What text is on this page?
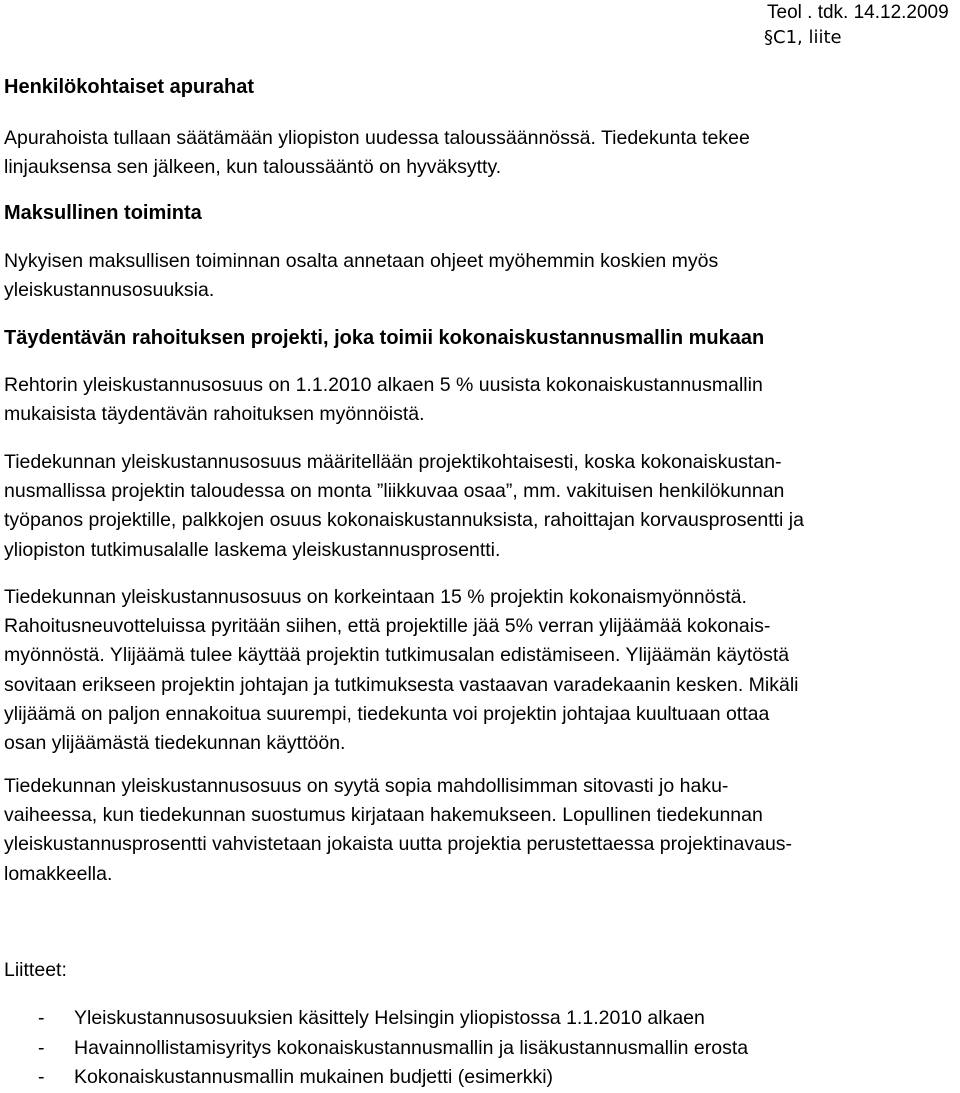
Teol . tdk. 14.12.2009
§C1, liite
Henkilökohtaiset apurahat
Apurahoista tullaan säätämään yliopiston uudessa taloussäännössä. Tiedekunta tekee
linjauksensa sen jälkeen, kun taloussääntö on hyväksytty.
Maksullinen toiminta
Nykyisen maksullisen toiminnan osalta annetaan ohjeet myöhemmin koskien myös
yleiskustannusosuuksia.
Täydentävän rahoituksen projekti, joka toimii kokonaiskustannusmallin mukaan
Rehtorin yleiskustannusosuus on 1.1.2010 alkaen 5 % uusista kokonaiskustannusmallin
mukaisista täydentävän rahoituksen myönnöistä.
Tiedekunnan yleiskustannusosuus määritellään projektikohtaisesti, koska kokonaiskustan-
nusmallissa projektin taloudessa on monta ”liikkuvaa osaa”, mm. vakituisen henkilökunnan
työpanos projektille, palkkojen osuus kokonaiskustannuksista, rahoittajan korvausprosentti ja
yliopiston tutkimusalalle laskema yleiskustannusprosentti.
Tiedekunnan yleiskustannusosuus on korkeintaan 15 % projektin kokonaismyönnöstä.
Rahoitusneuvotteluissa pyritään siihen, että projektille jää 5% verran ylijäämää kokonais-
myönnöstä. Ylijäämä tulee käyttää projektin tutkimusalan edistämiseen. Ylijäämän käytöstä
sovitaan erikseen projektin johtajan ja tutkimuksesta vastaavan varadekaanin kesken. Mikäli
ylijäämä on paljon ennakoitua suurempi, tiedekunta voi projektin johtajaa kuultuaan ottaa
osan ylijäämästä tiedekunnan käyttöön.
Tiedekunnan yleiskustannusosuus on syytä sopia mahdollisimman sitovasti jo haku-
vaiheessa, kun tiedekunnan suostumus kirjataan hakemukseen. Lopullinen tiedekunnan
yleiskustannusprosentti vahvistetaan jokaista uutta projektia perustettaessa projektinavaus-
lomakkeella.
Liitteet:
- Yleiskustannusosuuksien käsittely Helsingin yliopistossa 1.1.2010 alkaen
- Havainnollistamisyritys kokonaiskustannusmallin ja lisäkustannusmallin erosta
- Kokonaiskustannusmallin mukainen budjetti (esimerkki)
